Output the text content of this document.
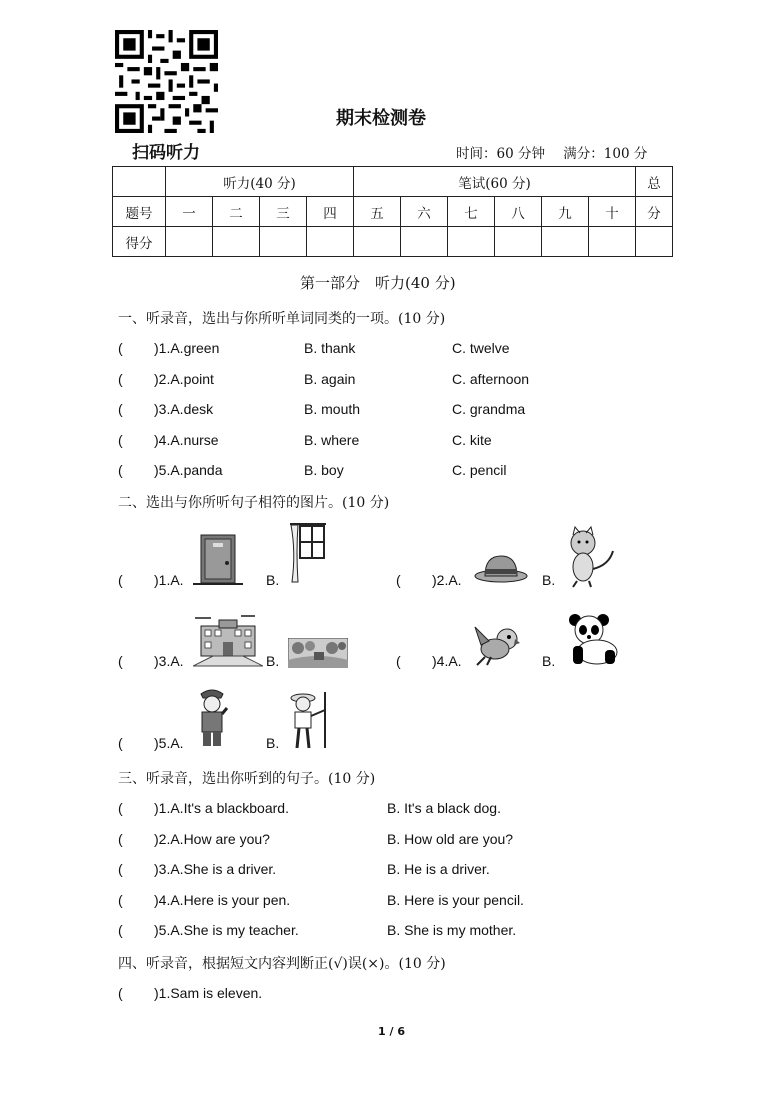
扫码听力
期末检测卷
时间：60 分钟 满分：100 分
	听力(40 分)				笔试(60 分)						总
题号	一	二	三	四	五	六	七	八	九	十	分
得分											
第一部分　听力(40 分)
一、听录音，选出与你所听单词同类的一项。(10 分)
( )1.A.green	B. thank	C. twelve
( )2.A.point	B. again	C. afternoon
( )3.A.desk	B. mouth	C. grandma
( )4.A.nurse	B. where	C. kite
( )5.A.panda	B. boy	C. pencil
二、选出与你所听句子相符的图片。(10 分)
( )1.A.	B.	( )2.A.	B.
( )3.A.	B.	( )4.A.	B.
( )5.A.	B.
三、听录音，选出你听到的句子。(10 分)
( )1.A.It's a blackboard.	B. It's a black dog.
( )2.A.How are you?	B. How old are you?
( )3.A.She is a driver.	B. He is a driver.
( )4.A.Here is your pen.	B. Here is your pencil.
( )5.A.She is my teacher.	B. She is my mother.
四、听录音，根据短文内容判断正(√)误(×)。(10 分)
( )1.Sam is eleven.
1 / 6
